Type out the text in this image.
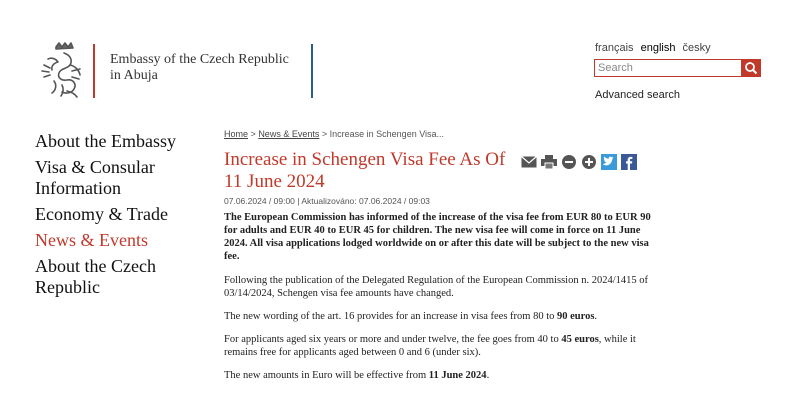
Embassy of the Czech Republic
in Abuja
français english česky
Search
Advanced search
About the Embassy
Visa & Consular Information
Economy & Trade
News & Events
About the Czech Republic
Home > News & Events > Increase in Schengen Visa...
Increase in Schengen Visa Fee As Of 11 June 2024
07.06.2024 / 09:00 | Aktualizováno: 07.06.2024 / 09:03

The European Commission has informed of the increase of the visa fee from EUR 80 to EUR 90 for adults and EUR 40 to EUR 45 for children. The new visa fee will come in force on 11 June 2024. All visa applications lodged worldwide on or after this date will be subject to the new visa fee.

Following the publication of the Delegated Regulation of the European Commission n. 2024/1415 of 03/14/2024, Schengen visa fee amounts have changed.

The new wording of the art. 16 provides for an increase in visa fees from 80 to 90 euros.

For applicants aged six years or more and under twelve, the fee goes from 40 to 45 euros, while it remains free for applicants aged between 0 and 6 (under six).

The new amounts in Euro will be effective from 11 June 2024.
